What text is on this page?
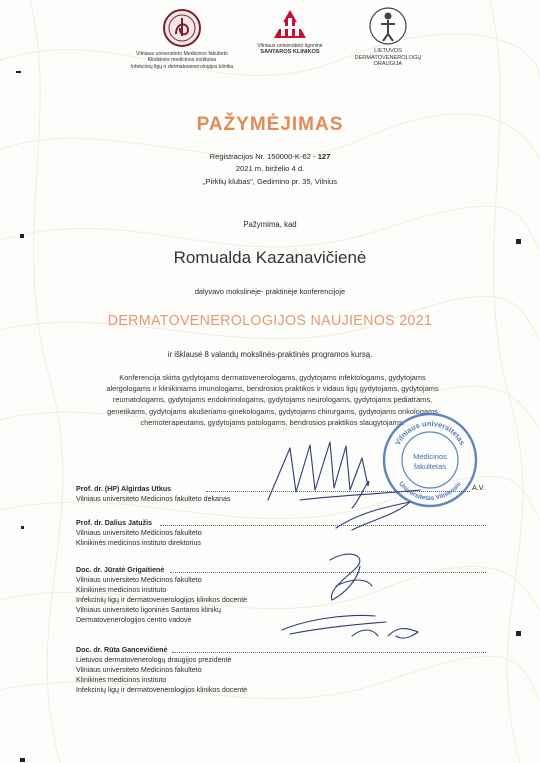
Vilniaus universiteto Medicinos fakulteto
Klinikinės medicinos institutas
Infekcinių ligų ir dermatovenerologijos klinika
Vilniaus universiteto ligoninė
SANTAROS KLINIKOS	LIETUVOS
DERMATOVENEROLOGŲ
DRAUGIJA
PAŽYMĖJIMAS
Registracijos Nr. 150000-K-62 - 127
2021 m. birželio 4 d.
„Pirklių klubas“, Gedimino pr. 35, Vilnius
Pažymima, kad
Romualda Kazanavičienė
dalyvavo mokslinėje- praktinėje konferencijoje
DERMATOVENEROLOGIJOS NAUJIENOS 2021
ir išklausė 8 valandų mokslinės-praktinės programos kursą.
Konferencija skirta gydytojams dermatovenerologams, gydytojams infektologams, gydytojams
alergologams ir klinikiniams imunologams, bendrosios praktikos ir vidaus ligų gydytojams, gydytojams
reumatologams, gydytojams endokrinologams, gydytojams neurologams, gydytojams pediatrams,
genetikams, gydytojams akušeriams-ginekologams, gydytojams chirurgams, gydytojams onkologams
chemoterapeutams, gydytojams patologams, bendrosios praktikos slaugytojams.
Prof. dr. (HP) Algirdas Utkus
Vilniaus universiteto Medicinos fakulteto dekanas
A.V.
Prof. dr. Dalius Jatužis
Vilniaus universiteto Medicinos fakulteto
Klinikinės medicinos instituto direktorius
Doc. dr. Jūratė Grigaitienė
Vilniaus universiteto Medicinos fakulteto
Klinikinės medicinos instituto
Infekcinių ligų ir dermatovenerologijos klinikos docentė
Vilniaus universiteto ligoninės Santaros klinikų
Dermatovenerologijos centro vadovė
Doc. dr. Rūta Gancevičienė
Lietuvos dermatovenerologų draugijos prezidentė
Vilniaus universiteto Medicinos fakulteto
Klinikinės medicinos instituto
Infekcinių ligų ir dermatovenerologijos klinikos docentė
Vilniaus universitetas
Universitetas Vilniensis
Medicinos
fakultetas
